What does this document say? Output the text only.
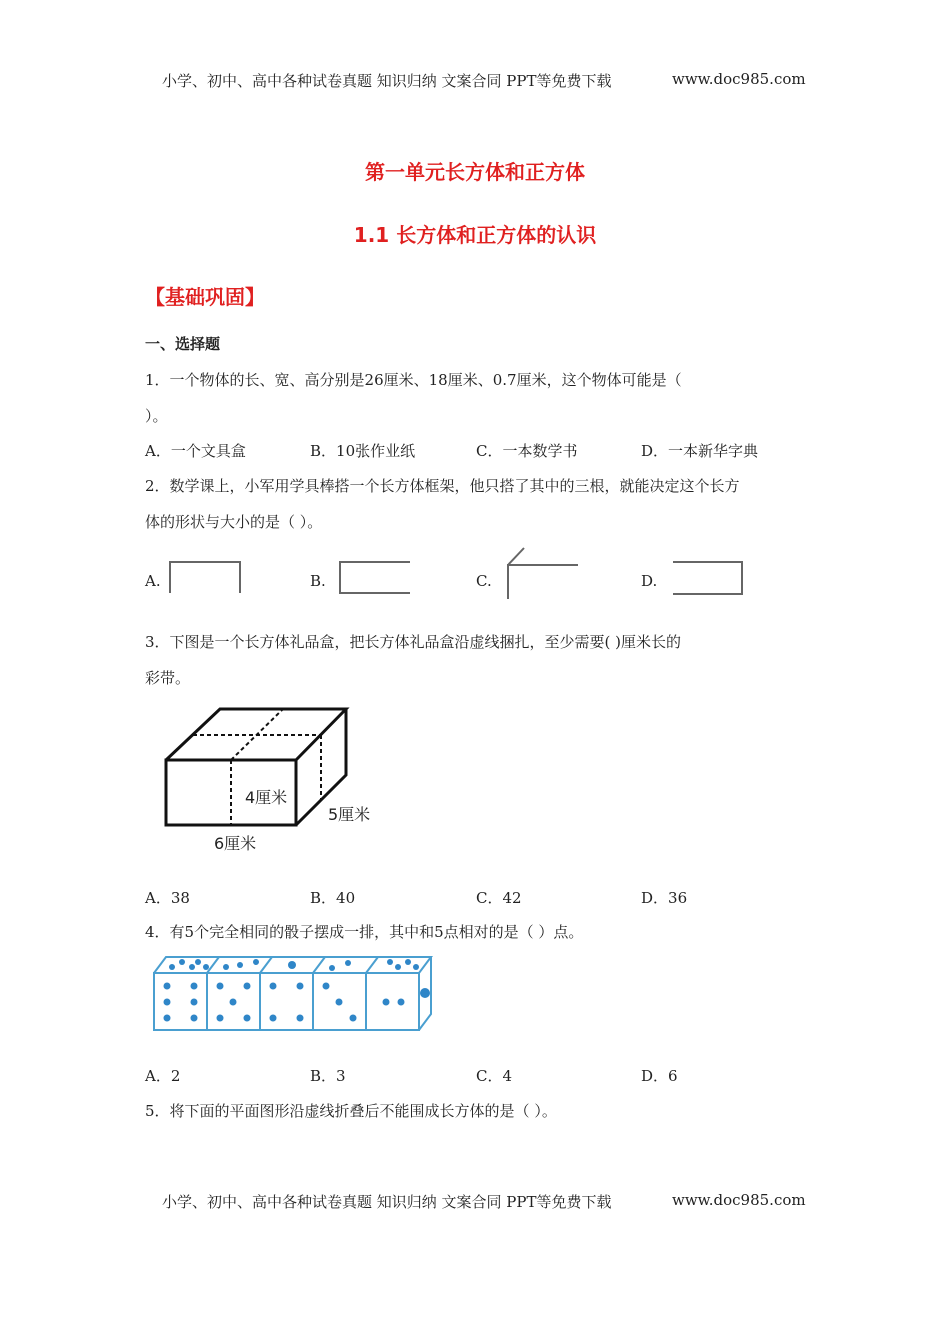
小学、初中、高中各种试卷真题 知识归纳 文案合同 PPT等免费下载	www.doc985.com
第一单元长方体和正方体
1.1 长方体和正方体的认识
【基础巩固】
一、选择题
1．一个物体的长、宽、高分别是26厘米、18厘米、0.7厘米，这个物体可能是（
）。
A．一个文具盒	B．10张作业纸	C．一本数学书	D．一本新华字典
2．数学课上，小军用学具棒搭一个长方体框架，他只搭了其中的三根，就能决定这个长方
体的形状与大小的是（ ）。
A.	B.	C.	D.
3．下图是一个长方体礼品盒，把长方体礼品盒沿虚线捆扎，至少需要( )厘米长的
彩带。
4厘米
5厘米
6厘米
A．38	B．40	C．42	D．36
4．有5个完全相同的骰子摆成一排，其中和5点相对的是（ ）点。
A．2	B．3	C．4	D．6
5．将下面的平面图形沿虚线折叠后不能围成长方体的是（ ）。
小学、初中、高中各种试卷真题 知识归纳 文案合同 PPT等免费下载	www.doc985.com
